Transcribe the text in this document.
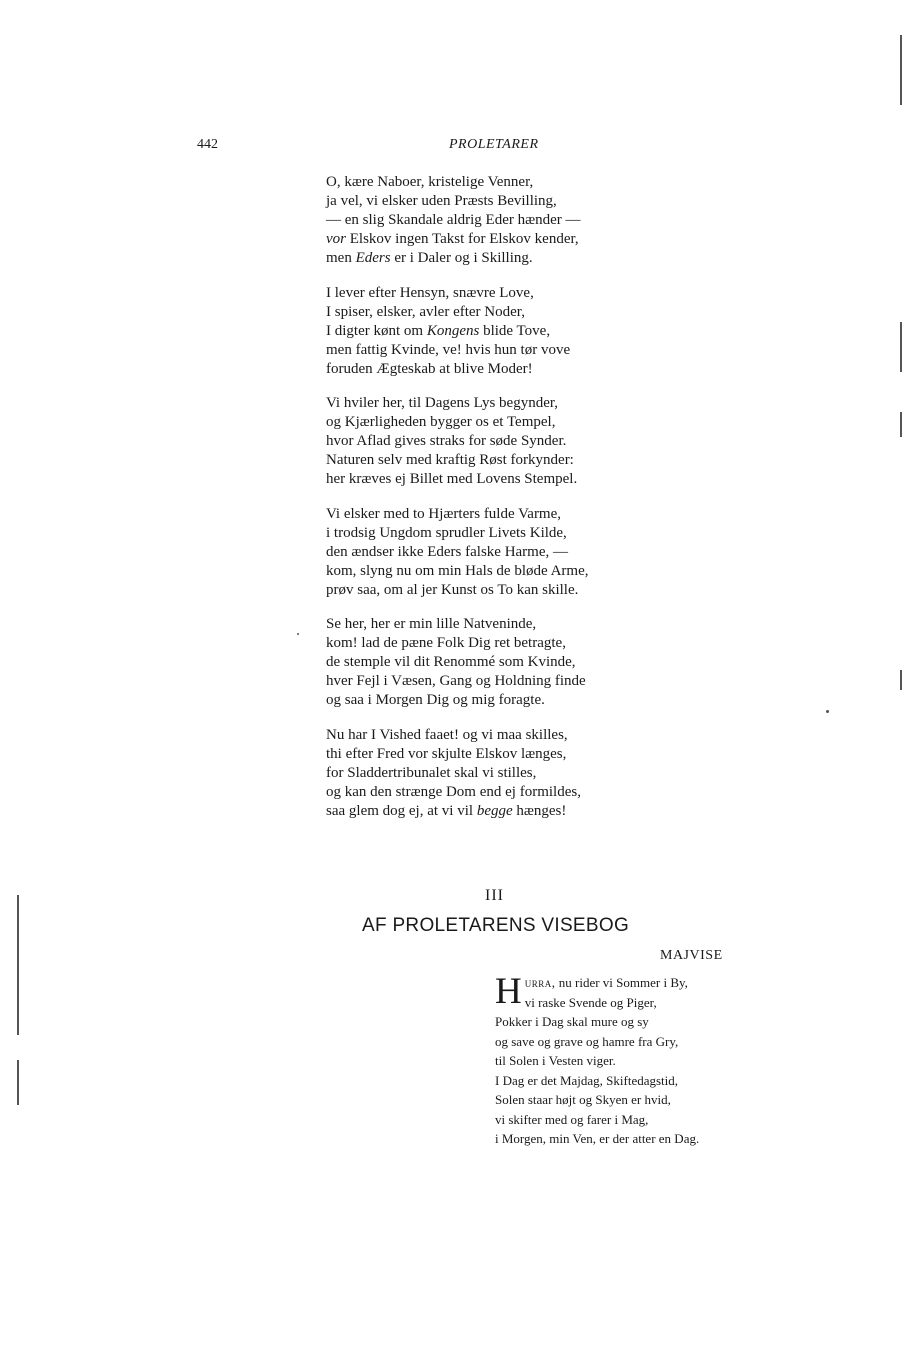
442	PROLETARER
O, kære Naboer, kristelige Venner,
ja vel, vi elsker uden Præsts Bevilling,
— en slig Skandale aldrig Eder hænder —
vor Elskov ingen Takst for Elskov kender,
men Eders er i Daler og i Skilling.
I lever efter Hensyn, snævre Love,
I spiser, elsker, avler efter Noder,
I digter kønt om Kongens blide Tove,
men fattig Kvinde, ve! hvis hun tør vove
foruden Ægteskab at blive Moder!
Vi hviler her, til Dagens Lys begynder,
og Kjærligheden bygger os et Tempel,
hvor Aflad gives straks for søde Synder.
Naturen selv med kraftig Røst forkynder:
her kræves ej Billet med Lovens Stempel.
Vi elsker med to Hjærters fulde Varme,
i trodsig Ungdom sprudler Livets Kilde,
den ændser ikke Eders falske Harme, —
kom, slyng nu om min Hals de bløde Arme,
prøv saa, om al jer Kunst os To kan skille.
Se her, her er min lille Natveninde,
kom! lad de pæne Folk Dig ret betragte,
de stemple vil dit Renommé som Kvinde,
hver Fejl i Væsen, Gang og Holdning finde
og saa i Morgen Dig og mig foragte.
Nu har I Vished faaet! og vi maa skilles,
thi efter Fred vor skjulte Elskov længes,
for Sladdertribunalet skal vi stilles,
og kan den strænge Dom end ej formildes,
saa glem dog ej, at vi vil begge hænges!
III
AF PROLETARENS VISEBOG
MAJVISE
H urra, nu rider vi Sommer i By,
vi raske Svende og Piger,
Pokker i Dag skal mure og sy
og save og grave og hamre fra Gry,
til Solen i Vesten viger.
I Dag er det Majdag, Skiftedagstid,
Solen staar højt og Skyen er hvid,
vi skifter med og farer i Mag,
i Morgen, min Ven, er der atter en Dag.
